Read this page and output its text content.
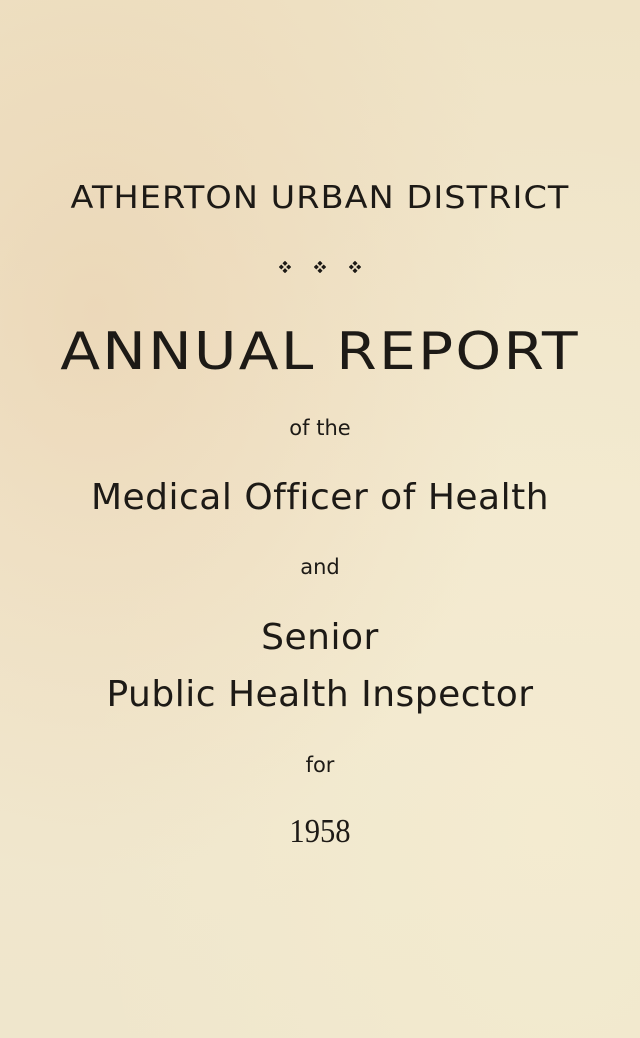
ATHERTON URBAN DISTRICT
ANNUAL REPORT
of the
Medical Officer of Health
and
Senior
Public Health Inspector
for
1958
